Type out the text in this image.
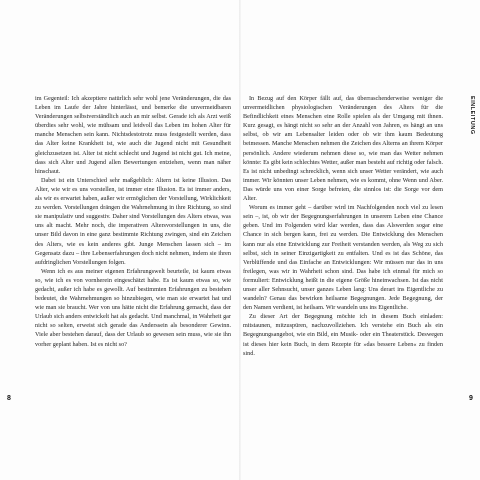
im Gegenteil: Ich akzeptiere natürlich sehr wohl jene Veränderungen, die das Leben im Laufe der Jahre hinterlässt, und bemerke die unvermeidbaren Veränderungen selbstverständlich auch an mir selbst. Gerade ich als Arzt weiß überdies sehr wohl, wie mühsam und leidvoll das Leben im hohen Alter für manche Menschen sein kann. Nichtsdestotrotz muss festgestellt werden, dass das Alter keine Krankheit ist, wie auch die Jugend nicht mit Gesundheit gleichzusetzen ist. Alter ist nicht schlecht und Jugend ist nicht gut. Ich meine, dass sich Alter und Jugend allen Bewertungen entziehen, wenn man näher hinschaut.

Dabei ist ein Unterschied sehr maßgeblich: Altern ist keine Illusion. Das Alter, wie wir es uns vorstellen, ist immer eine Illusion. Es ist immer anders, als wir es erwartet haben, außer wir ermöglichen der Vorstellung, Wirklichkeit zu werden. Vorstellungen drängen die Wahrnehmung in ihre Richtung, so sind sie manipulativ und suggestiv. Daher sind Vorstellungen des Alters etwas, was uns alt macht. Mehr noch, die imperativen Altersvorstellungen in uns, die unser Bild davon in eine ganz bestimmte Richtung zwingen, sind ein Zeichen des Alters, wie es kein anderes gibt. Junge Menschen lassen sich – im Gegensatz dazu – ihre Lebenserfahrungen doch nicht nehmen, indem sie ihren aufdringlichen Vorstellungen folgen.

Wenn ich es aus meiner eigenen Erfahrungswelt beurteile, ist kaum etwas so, wie ich es von vornherein eingeschätzt habe. Es ist kaum etwas so, wie gedacht, außer ich habe es gewollt. Auf bestimmten Erfahrungen zu bestehen bedeutet, die Wahrnehmungen so hinzubiegen, wie man sie erwartet hat und wie man sie braucht. Wer von uns hätte nicht die Erfahrung gemacht, dass der Urlaub sich anders entwickelt hat als gedacht. Und manchmal, in Wahrheit gar nicht so selten, erweist sich gerade das Anderssein als besonderer Gewinn. Viele aber bestehen darauf, dass der Urlaub so gewesen sein muss, wie sie ihn vorher geplant haben. Ist es nicht so?

8

In Bezug auf den Körper fällt auf, das überraschenderweise weniger die unvermeidlichen physiologischen Veränderungen des Alters für die Befindlichkeit eines Menschen eine Rolle spielen als der Umgang mit ihnen. Kurz gesagt, es hängt nicht so sehr an der Anzahl von Jahren, es hängt an uns selbst, ob wir am Lebensalter leiden oder ob wir ihm kaum Bedeutung beimessen. Manche Menschen nehmen die Zeichen des Alterns an ihrem Körper persönlich. Andere wiederum nehmen diese so, wie man das Wetter nehmen könnte: Es gibt kein schlechtes Wetter, außer man besteht auf richtig oder falsch. Es ist nicht unbedingt schrecklich, wenn sich unser Wetter verändert, wie auch immer. Wir könnten unser Leben nehmen, wie es kommt, ohne Wenn und Aber. Das würde uns von einer Sorge befreien, die sinnlos ist: die Sorge vor dem Alter.

Worum es immer geht – darüber wird im Nachfolgenden noch viel zu lesen sein –, ist, ob wir der Begegnungserfahrungen in unserem Leben eine Chance geben. Und im Folgenden wird klar werden, dass das Alswerden sogar eine Chance in sich bergen kann, frei zu werden. Die Entwicklung des Menschen kann nur als eine Entwicklung zur Freiheit verstanden werden, als Weg zu sich selbst, sich in seiner Einzigartigkeit zu entfalten. Und es ist das Schöne, das Verblüffende und das Einfache an Entwicklungen: Wir müssen nur das in uns freilegen, was wir in Wahrheit schon sind. Das habe ich einmal für mich so formuliert: Entwicklung heißt in die eigene Größe hineinwachsen. Ist das nicht unser aller Sehnsucht, unser ganzes Leben lang: Uns derart ins Eigentliche zu wandeln? Genau das bewirken heilsame Begegnungen. Jede Begegnung, der den Namen verdient, ist heilsam. Wir wandeln uns ins Eigentliche.

Zu dieser Art der Begegnung möchte ich in diesem Buch einladen: mitstaunen, mitzuspüren, nachzuvollziehen. Ich verstehe ein Buch als ein Begegnungsangebot, wie ein Bild, ein Musik- oder ein Theaterstück. Deswegen ist dieses hier kein Buch, in dem Rezepte für »das bessere Leben« zu finden sind.

EINLEITUNG
9
